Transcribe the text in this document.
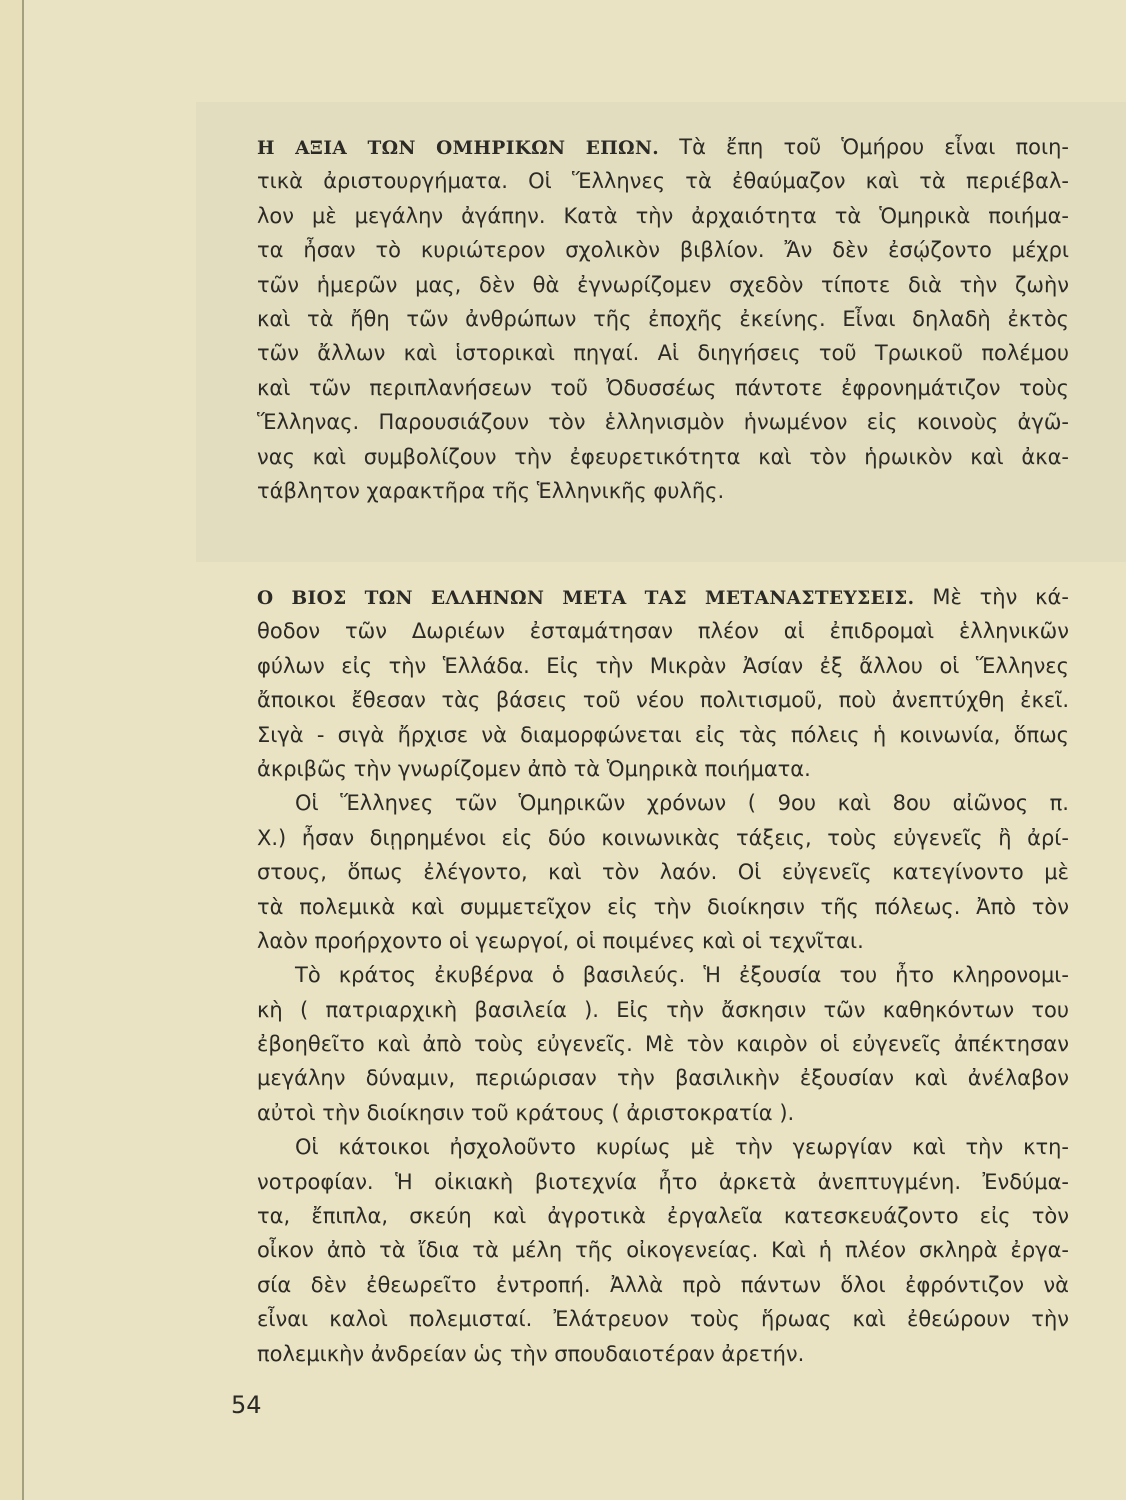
Η ΑΞΙΑ ΤΩΝ ΟΜΗΡΙΚΩΝ ΕΠΩΝ. Τὰ ἔπη τοῦ Ὁμήρου εἶναι ποιη-
τικὰ ἀριστουργήματα. Οἱ Ἕλληνες τὰ ἐθαύμαζον καὶ τὰ περιέβαλ-
λον μὲ μεγάλην ἀγάπην. Κατὰ τὴν ἀρχαιότητα τὰ Ὁμηρικὰ ποιήμα-
τα ἦσαν τὸ κυριώτερον σχολικὸν βιβλίον. Ἄν δὲν ἐσῴζοντο μέχρι
τῶν ἡμερῶν μας, δὲν θὰ ἐγνωρίζομεν σχεδὸν τίποτε διὰ τὴν ζωὴν
καὶ τὰ ἤθη τῶν ἀνθρώπων τῆς ἐποχῆς ἐκείνης. Εἶναι δηλαδὴ ἐκτὸς
τῶν ἄλλων καὶ ἱστορικαὶ πηγαί. Αἱ διηγήσεις τοῦ Τρωικοῦ πολέμου
καὶ τῶν περιπλανήσεων τοῦ Ὀδυσσέως πάντοτε ἐφρονημάτιζον τοὺς
Ἕλληνας. Παρουσιάζουν τὸν ἑλληνισμὸν ἡνωμένον εἰς κοινοὺς ἀγῶ-
νας καὶ συμβολίζουν τὴν ἐφευρετικότητα καὶ τὸν ἡρωικὸν καὶ ἀκα-
τάβλητον χαρακτῆρα τῆς Ἑλληνικῆς φυλῆς.
Ο ΒΙΟΣ ΤΩΝ ΕΛΛΗΝΩΝ ΜΕΤΑ ΤΑΣ ΜΕΤΑΝΑΣΤΕΥΣΕΙΣ. Μὲ τὴν κά-
θοδον τῶν Δωριέων ἐσταμάτησαν πλέον αἱ ἐπιδρομαὶ ἑλληνικῶν
φύλων εἰς τὴν Ἑλλάδα. Εἰς τὴν Μικρὰν Ἀσίαν ἐξ ἄλλου οἱ Ἕλληνες
ἄποικοι ἔθεσαν τὰς βάσεις τοῦ νέου πολιτισμοῦ, ποὺ ἀνεπτύχθη ἐκεῖ.
Σιγὰ - σιγὰ ἤρχισε νὰ διαμορφώνεται εἰς τὰς πόλεις ἡ κοινωνία, ὅπως
ἀκριβῶς τὴν γνωρίζομεν ἀπὸ τὰ Ὁμηρικὰ ποιήματα.
Οἱ Ἕλληνες τῶν Ὁμηρικῶν χρόνων ( 9ου καὶ 8ου αἰῶνος π.
Χ.) ἦσαν διῃρημένοι εἰς δύο κοινωνικὰς τάξεις, τοὺς εὐγενεῖς ἢ ἀρί-
στους, ὅπως ἐλέγοντο, καὶ τὸν λαόν. Οἱ εὐγενεῖς κατεγίνοντο μὲ
τὰ πολεμικὰ καὶ συμμετεῖχον εἰς τὴν διοίκησιν τῆς πόλεως. Ἀπὸ τὸν
λαὸν προήρχοντο οἱ γεωργοί, οἱ ποιμένες καὶ οἱ τεχνῖται.
Τὸ κράτος ἐκυβέρνα ὁ βασιλεύς. Ἡ ἐξουσία του ἦτο κληρονομι-
κὴ ( πατριαρχικὴ βασιλεία ). Εἰς τὴν ἄσκησιν τῶν καθηκόντων του
ἐβοηθεῖτο καὶ ἀπὸ τοὺς εὐγενεῖς. Μὲ τὸν καιρὸν οἱ εὐγενεῖς ἀπέκτησαν
μεγάλην δύναμιν, περιώρισαν τὴν βασιλικὴν ἐξουσίαν καὶ ἀνέλαβον
αὐτοὶ τὴν διοίκησιν τοῦ κράτους ( ἀριστοκρατία ).
Οἱ κάτοικοι ἠσχολοῦντο κυρίως μὲ τὴν γεωργίαν καὶ τὴν κτη-
νοτροφίαν. Ἡ οἰκιακὴ βιοτεχνία ἦτο ἀρκετὰ ἀνεπτυγμένη. Ἐνδύμα-
τα, ἔπιπλα, σκεύη καὶ ἀγροτικὰ ἐργαλεῖα κατεσκευάζοντο εἰς τὸν
οἶκον ἀπὸ τὰ ἴδια τὰ μέλη τῆς οἰκογενείας. Καὶ ἡ πλέον σκληρὰ ἐργα-
σία δὲν ἐθεωρεῖτο ἐντροπή. Ἀλλὰ πρὸ πάντων ὅλοι ἐφρόντιζον νὰ
εἶναι καλοὶ πολεμισταί. Ἐλάτρευον τοὺς ἥρωας καὶ ἐθεώρουν τὴν
πολεμικὴν ἀνδρείαν ὡς τὴν σπουδαιοτέραν ἀρετήν.
54
